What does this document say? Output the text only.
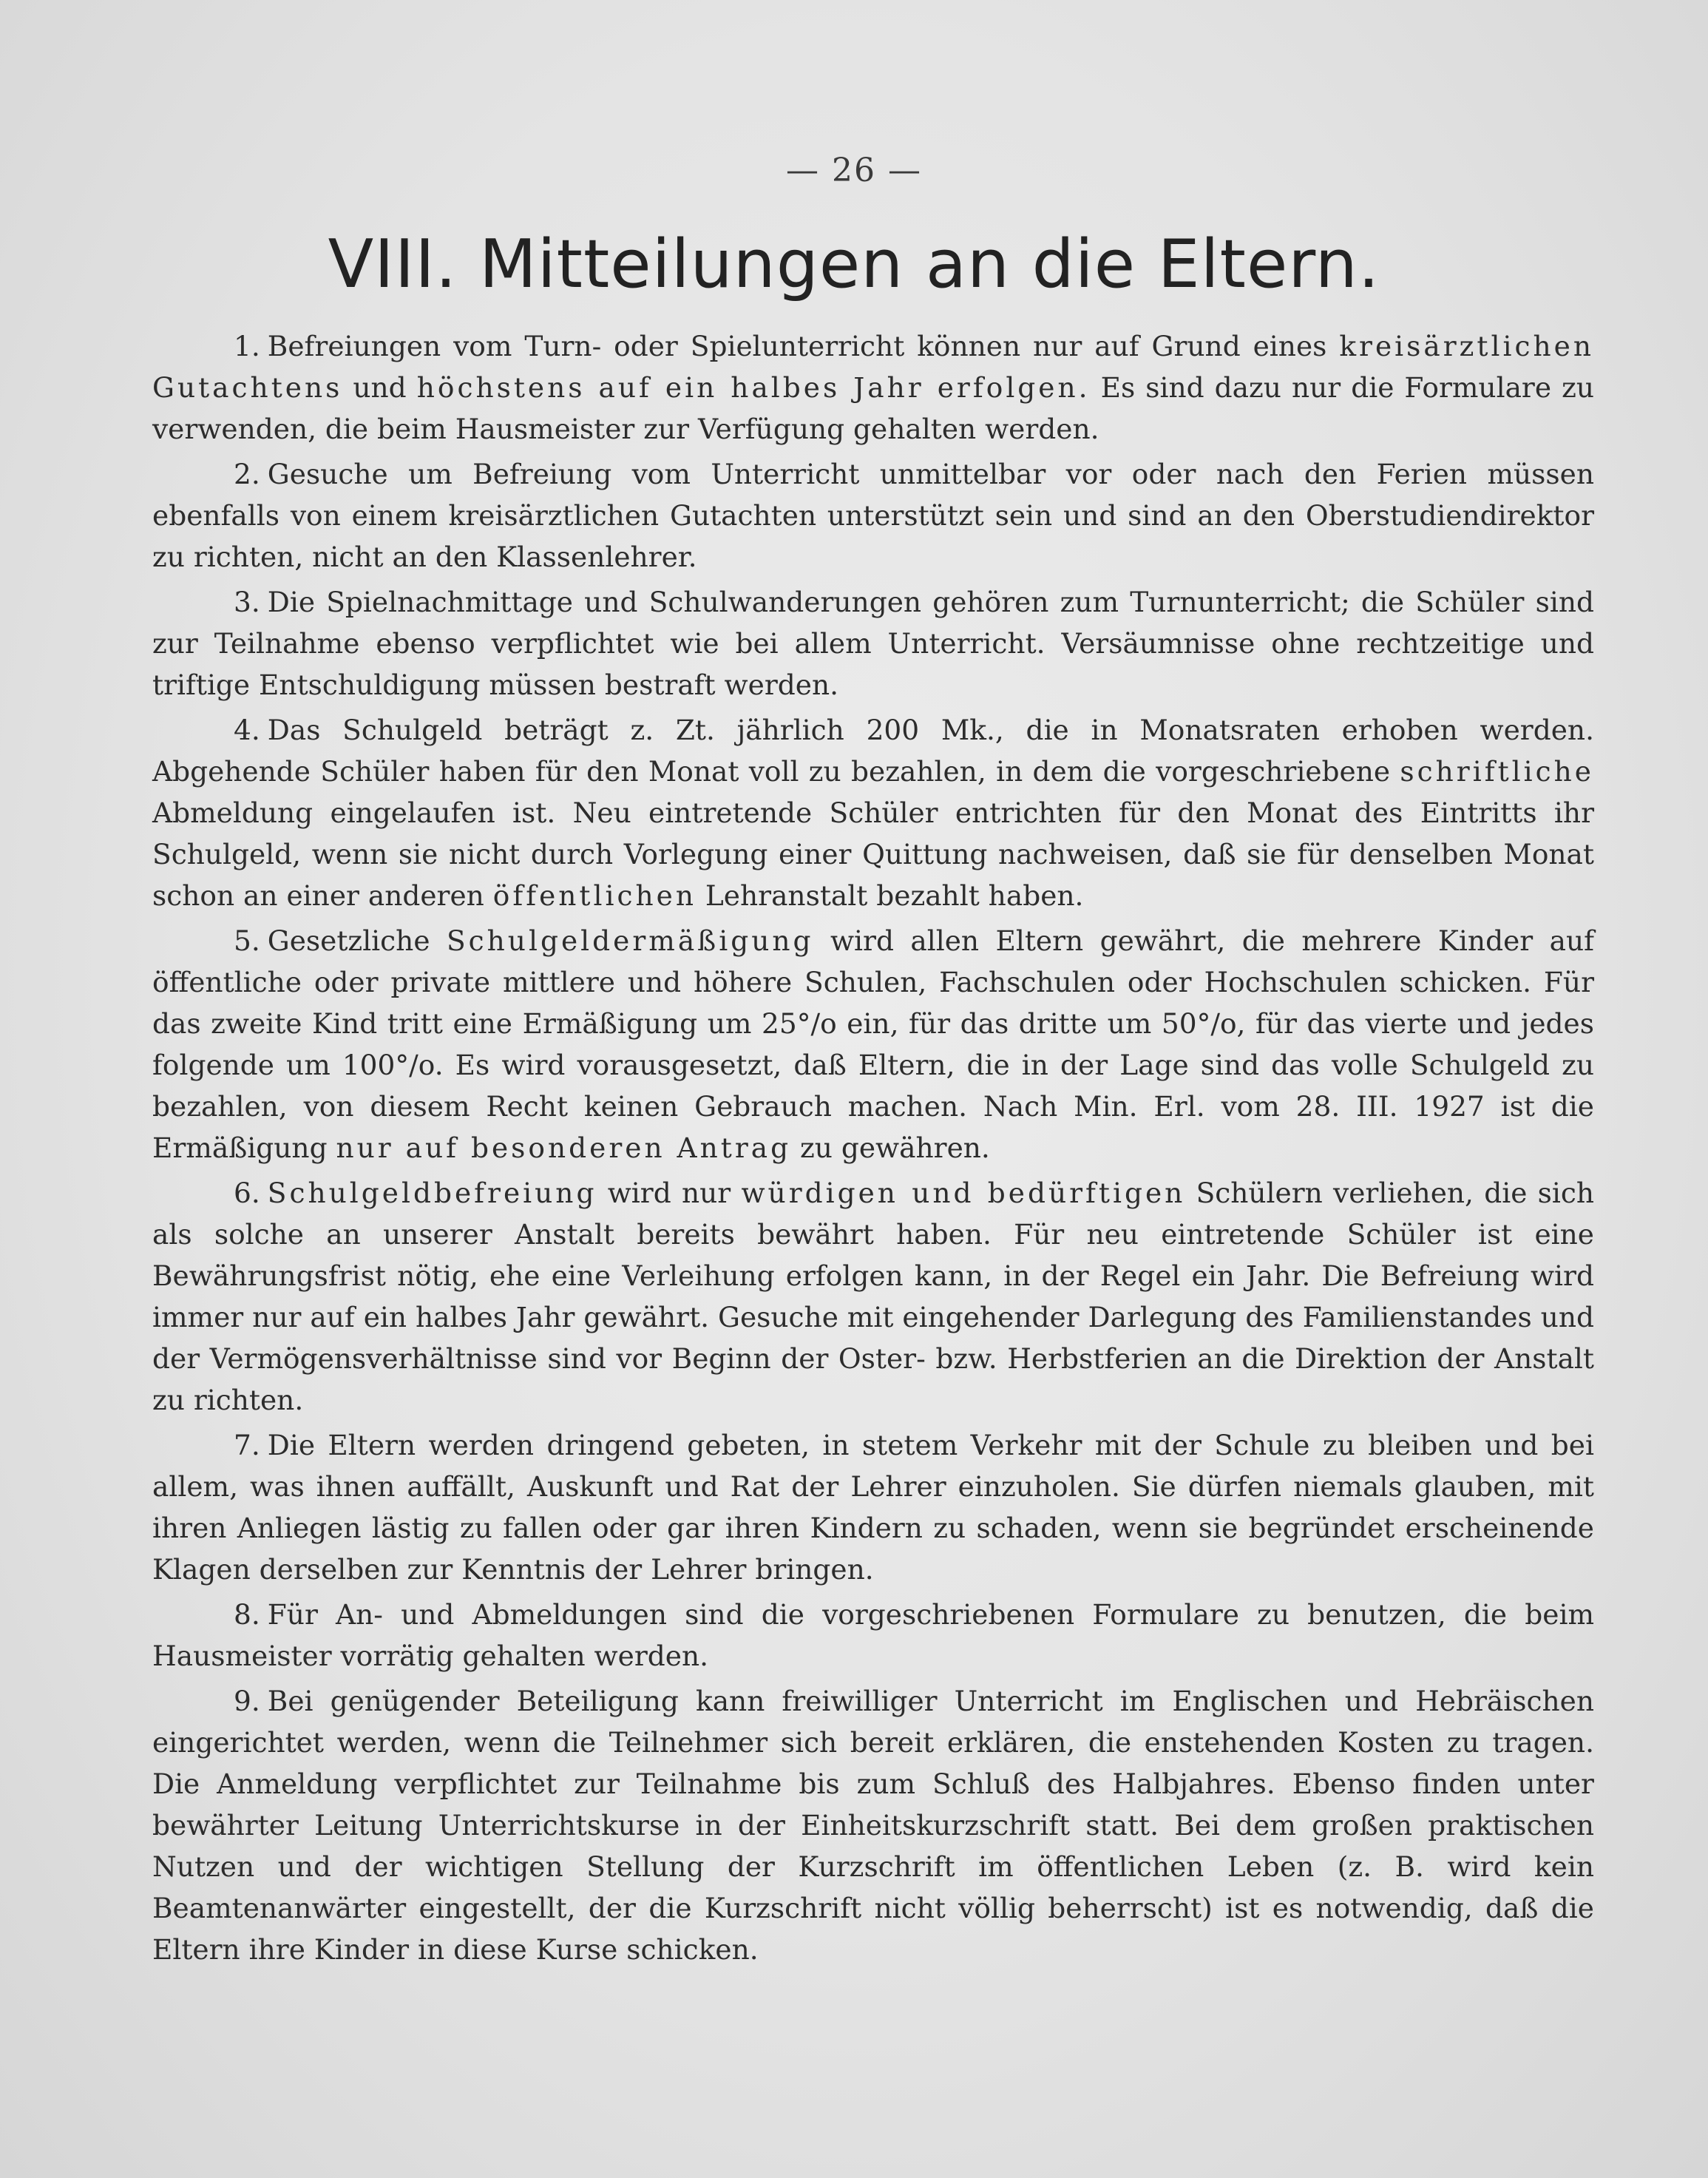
— 26 —
VIII. Mitteilungen an die Eltern.

1. Befreiungen vom Turn- oder Spielunterricht können nur auf Grund eines kreisärztlichen Gutachtens und höchstens auf ein halbes Jahr erfolgen. Es sind dazu nur die Formulare zu verwenden, die beim Hausmeister zur Verfügung gehalten werden.

2. Gesuche um Befreiung vom Unterricht unmittelbar vor oder nach den Ferien müssen ebenfalls von einem kreisärztlichen Gutachten unterstützt sein und sind an den Oberstudiendirektor zu richten, nicht an den Klassenlehrer.

3. Die Spielnachmittage und Schulwanderungen gehören zum Turnunterricht; die Schüler sind zur Teilnahme ebenso verpflichtet wie bei allem Unterricht. Versäumnisse ohne rechtzeitige und triftige Entschuldigung müssen bestraft werden.

4. Das Schulgeld beträgt z. Zt. jährlich 200 Mk., die in Monatsraten erhoben werden. Abgehende Schüler haben für den Monat voll zu bezahlen, in dem die vorgeschriebene schriftliche Abmeldung eingelaufen ist. Neu eintretende Schüler entrichten für den Monat des Eintritts ihr Schulgeld, wenn sie nicht durch Vorlegung einer Quittung nachweisen, daß sie für denselben Monat schon an einer anderen öffentlichen Lehranstalt bezahlt haben.

5. Gesetzliche Schulgeldermäßigung wird allen Eltern gewährt, die mehrere Kinder auf öffentliche oder private mittlere und höhere Schulen, Fachschulen oder Hochschulen schicken. Für das zweite Kind tritt eine Ermäßigung um 25°/o ein, für das dritte um 50°/o, für das vierte und jedes folgende um 100°/o. Es wird vorausgesetzt, daß Eltern, die in der Lage sind das volle Schulgeld zu bezahlen, von diesem Recht keinen Gebrauch machen. Nach Min. Erl. vom 28. III. 1927 ist die Ermäßigung nur auf besonderen Antrag zu gewähren.

6. Schulgeldbefreiung wird nur würdigen und bedürftigen Schülern verliehen, die sich als solche an unserer Anstalt bereits bewährt haben. Für neu eintretende Schüler ist eine Bewährungsfrist nötig, ehe eine Verleihung erfolgen kann, in der Regel ein Jahr. Die Befreiung wird immer nur auf ein halbes Jahr gewährt. Gesuche mit eingehender Darlegung des Familienstandes und der Vermögensverhältnisse sind vor Beginn der Oster- bzw. Herbstferien an die Direktion der Anstalt zu richten.

7. Die Eltern werden dringend gebeten, in stetem Verkehr mit der Schule zu bleiben und bei allem, was ihnen auffällt, Auskunft und Rat der Lehrer einzuholen. Sie dürfen niemals glauben, mit ihren Anliegen lästig zu fallen oder gar ihren Kindern zu schaden, wenn sie begründet erscheinende Klagen derselben zur Kenntnis der Lehrer bringen.

8. Für An- und Abmeldungen sind die vorgeschriebenen Formulare zu benutzen, die beim Hausmeister vorrätig gehalten werden.

9. Bei genügender Beteiligung kann freiwilliger Unterricht im Englischen und Hebräischen eingerichtet werden, wenn die Teilnehmer sich bereit erklären, die enstehenden Kosten zu tragen. Die Anmeldung verpflichtet zur Teilnahme bis zum Schluß des Halbjahres. Ebenso finden unter bewährter Leitung Unterrichtskurse in der Einheitskurzschrift statt. Bei dem großen praktischen Nutzen und der wichtigen Stellung der Kurzschrift im öffentlichen Leben (z. B. wird kein Beamtenanwärter eingestellt, der die Kurzschrift nicht völlig beherrscht) ist es notwendig, daß die Eltern ihre Kinder in diese Kurse schicken.
